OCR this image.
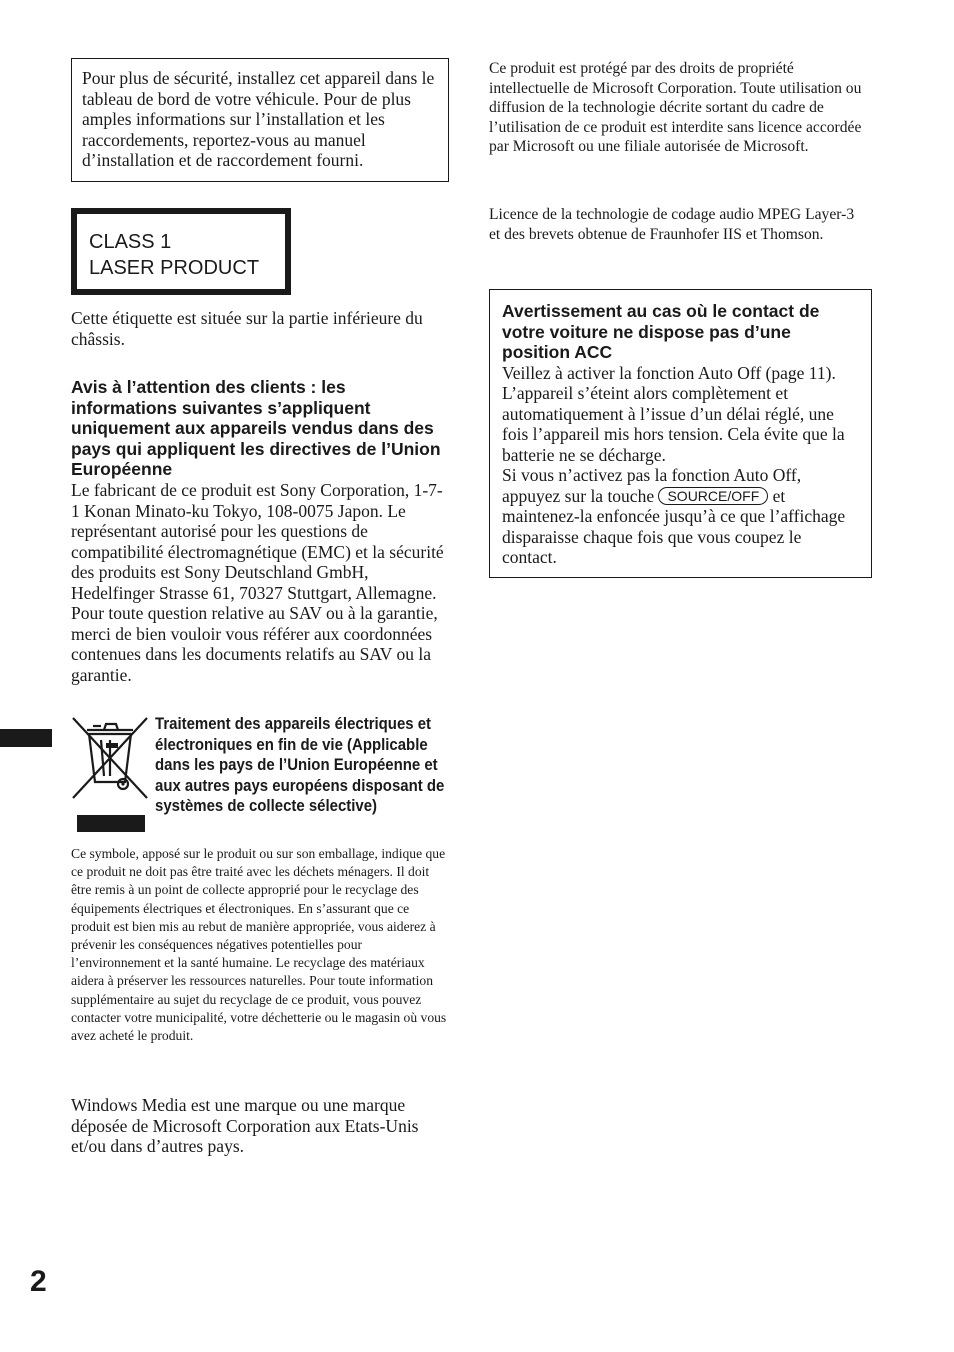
Pour plus de sécurité, installez cet appareil dans le tableau de bord de votre véhicule. Pour de plus amples informations sur l’installation et les raccordements, reportez-vous au manuel d’installation et de raccordement fourni.

CLASS 1
LASER PRODUCT

Cette étiquette est située sur la partie inférieure du châssis.

Avis à l’attention des clients : les informations suivantes s’appliquent uniquement aux appareils vendus dans des pays qui appliquent les directives de l’Union Européenne

Le fabricant de ce produit est Sony Corporation, 1-7-1 Konan Minato-ku Tokyo, 108-0075 Japon. Le représentant autorisé pour les questions de compatibilité électromagnétique (EMC) et la sécurité des produits est Sony Deutschland GmbH, Hedelfinger Strasse 61, 70327 Stuttgart, Allemagne. Pour toute question relative au SAV ou à la garantie, merci de bien vouloir vous référer aux coordonnées contenues dans les documents relatifs au SAV ou la garantie.

Traitement des appareils électriques et électroniques en fin de vie (Applicable dans les pays de l’Union Européenne et aux autres pays européens disposant de systèmes de collecte sélective)

Ce symbole, apposé sur le produit ou sur son emballage, indique que ce produit ne doit pas être traité avec les déchets ménagers. Il doit être remis à un point de collecte approprié pour le recyclage des équipements électriques et électroniques. En s’assurant que ce produit est bien mis au rebut de manière appropriée, vous aiderez à prévenir les conséquences négatives potentielles pour l’environnement et la santé humaine. Le recyclage des matériaux aidera à préserver les ressources naturelles. Pour toute information supplémentaire au sujet du recyclage de ce produit, vous pouvez contacter votre municipalité, votre déchetterie ou le magasin où vous avez acheté le produit.

Windows Media est une marque ou une marque déposée de Microsoft Corporation aux Etats-Unis et/ou dans d’autres pays.

2

Ce produit est protégé par des droits de propriété intellectuelle de Microsoft Corporation. Toute utilisation ou diffusion de la technologie décrite sortant du cadre de l’utilisation de ce produit est interdite sans licence accordée par Microsoft ou une filiale autorisée de Microsoft.

Licence de la technologie de codage audio MPEG Layer-3 et des brevets obtenue de Fraunhofer IIS et Thomson.

Avertissement au cas où le contact de votre voiture ne dispose pas d’une position ACC

Veillez à activer la fonction Auto Off (page 11).

L’appareil s’éteint alors complètement et automatiquement à l’issue d’un délai réglé, une fois l’appareil mis hors tension. Cela évite que la batterie ne se décharge.

Si vous n’activez pas la fonction Auto Off, appuyez sur la touche SOURCE/OFF et maintenez-la enfoncée jusqu’à ce que l’affichage disparaisse chaque fois que vous coupez le contact.
